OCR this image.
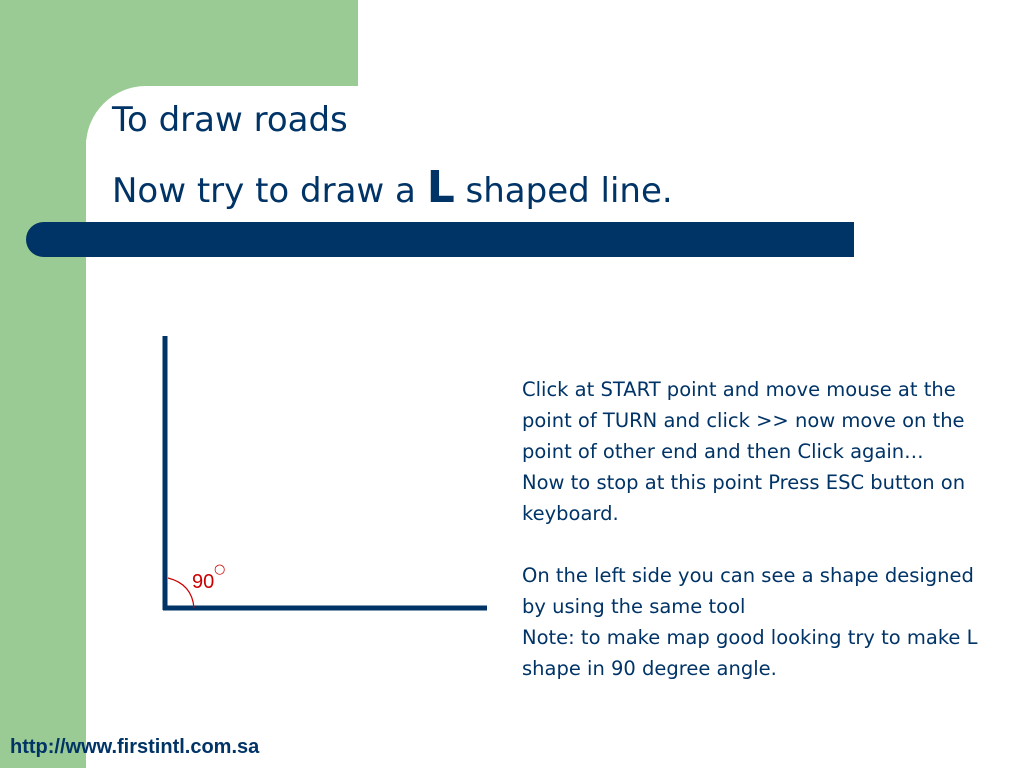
To draw roads
Now try to draw a L shaped line.
90
○

Click at START point and move mouse at the point of TURN and click >> now move on the point of other end and then Click again…

Now to stop at this point Press ESC button on keyboard.

On the left side you can see a shape designed by using the same tool

Note: to make map good looking try to make L shape in 90 degree angle.

http://www.firstintl.com.sa
